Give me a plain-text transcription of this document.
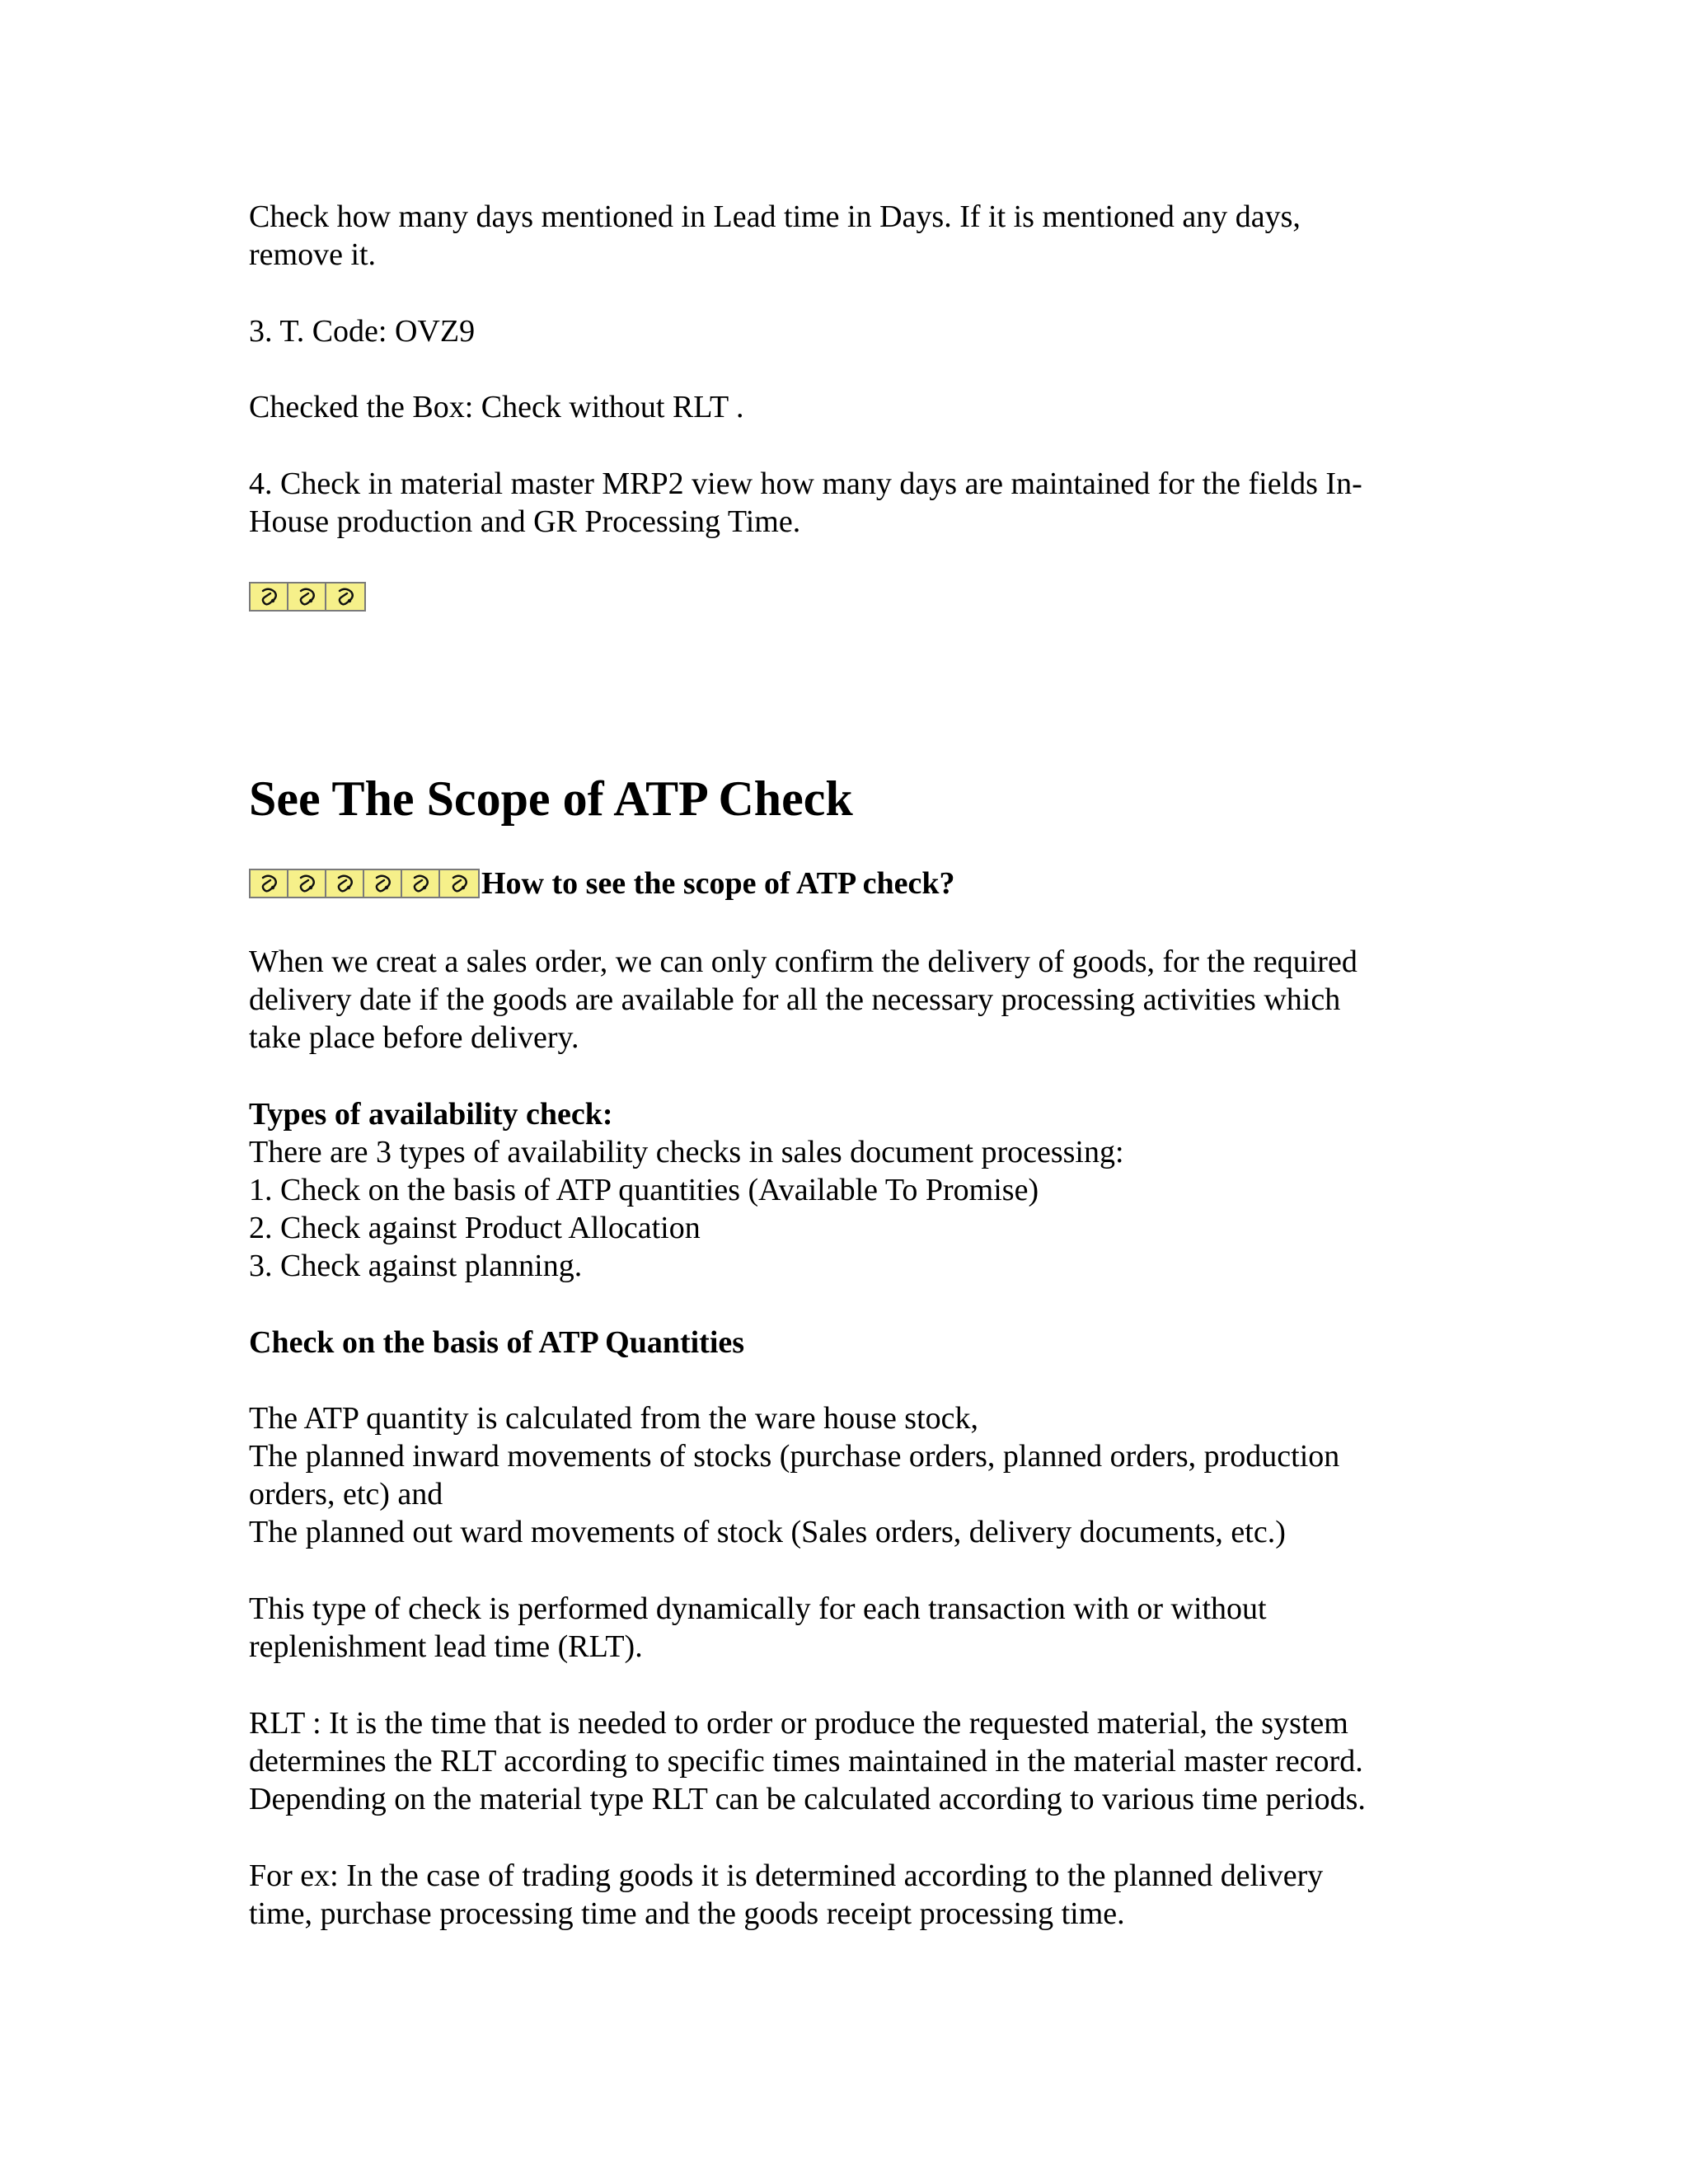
Check how many days mentioned in Lead time in Days. If it is mentioned any days,
remove it.
3. T. Code: OVZ9
Checked the Box: Check without RLT .
4. Check in material master MRP2 view how many days are maintained for the fields In-
House production and GR Processing Time.
See The Scope of ATP Check
How to see the scope of ATP check?
When we creat a sales order, we can only confirm the delivery of goods, for the required
delivery date if the goods are available for all the necessary processing activities which
take place before delivery.
Types of availability check:
There are 3 types of availability checks in sales document processing:
1. Check on the basis of ATP quantities (Available To Promise)
2. Check against Product Allocation
3. Check against planning.
Check on the basis of ATP Quantities
The ATP quantity is calculated from the ware house stock,
The planned inward movements of stocks (purchase orders, planned orders, production
orders, etc) and
The planned out ward movements of stock (Sales orders, delivery documents, etc.)
This type of check is performed dynamically for each transaction with or without
replenishment lead time (RLT).
RLT : It is the time that is needed to order or produce the requested material, the system
determines the RLT according to specific times maintained in the material master record.
Depending on the material type RLT can be calculated according to various time periods.
For ex: In the case of trading goods it is determined according to the planned delivery
time, purchase processing time and the goods receipt processing time.
